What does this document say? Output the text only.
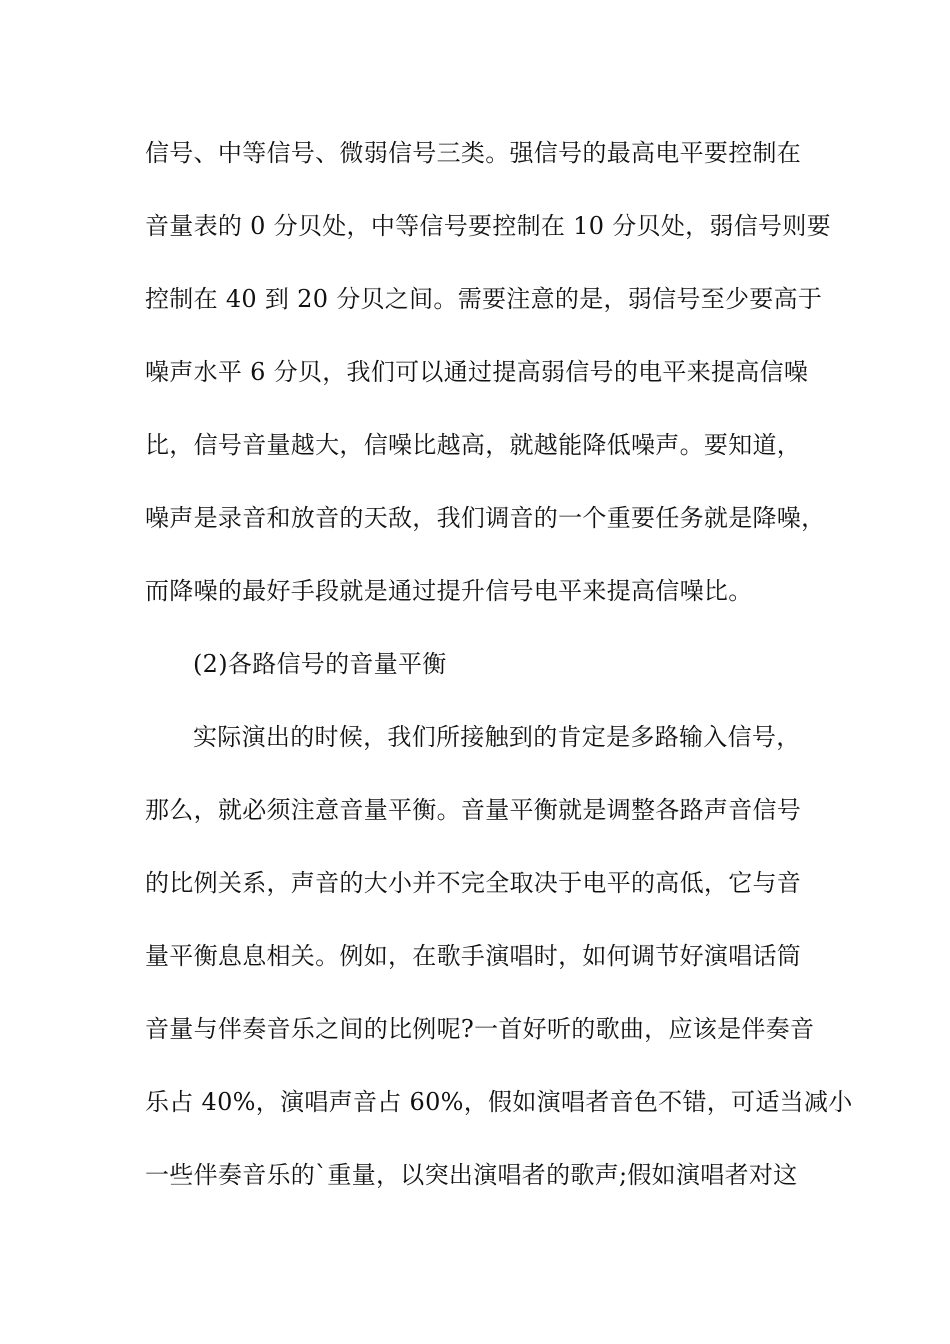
信号、中等信号、微弱信号三类。强信号的最高电平要控制在
音量表的 0 分贝处，中等信号要控制在 10 分贝处，弱信号则要
控制在 40 到 20 分贝之间。需要注意的是，弱信号至少要高于
噪声水平 6 分贝，我们可以通过提高弱信号的电平来提高信噪
比，信号音量越大，信噪比越高，就越能降低噪声。要知道，
噪声是录音和放音的天敌，我们调音的一个重要任务就是降噪，
而降噪的最好手段就是通过提升信号电平来提高信噪比。
(2)各路信号的音量平衡
实际演出的时候，我们所接触到的肯定是多路输入信号，
那么，就必须注意音量平衡。音量平衡就是调整各路声音信号
的比例关系，声音的大小并不完全取决于电平的高低，它与音
量平衡息息相关。例如，在歌手演唱时，如何调节好演唱话筒
音量与伴奏音乐之间的比例呢?一首好听的歌曲，应该是伴奏音
乐占 40%，演唱声音占 60%，假如演唱者音色不错，可适当减小
一些伴奏音乐的`重量，以突出演唱者的歌声;假如演唱者对这
